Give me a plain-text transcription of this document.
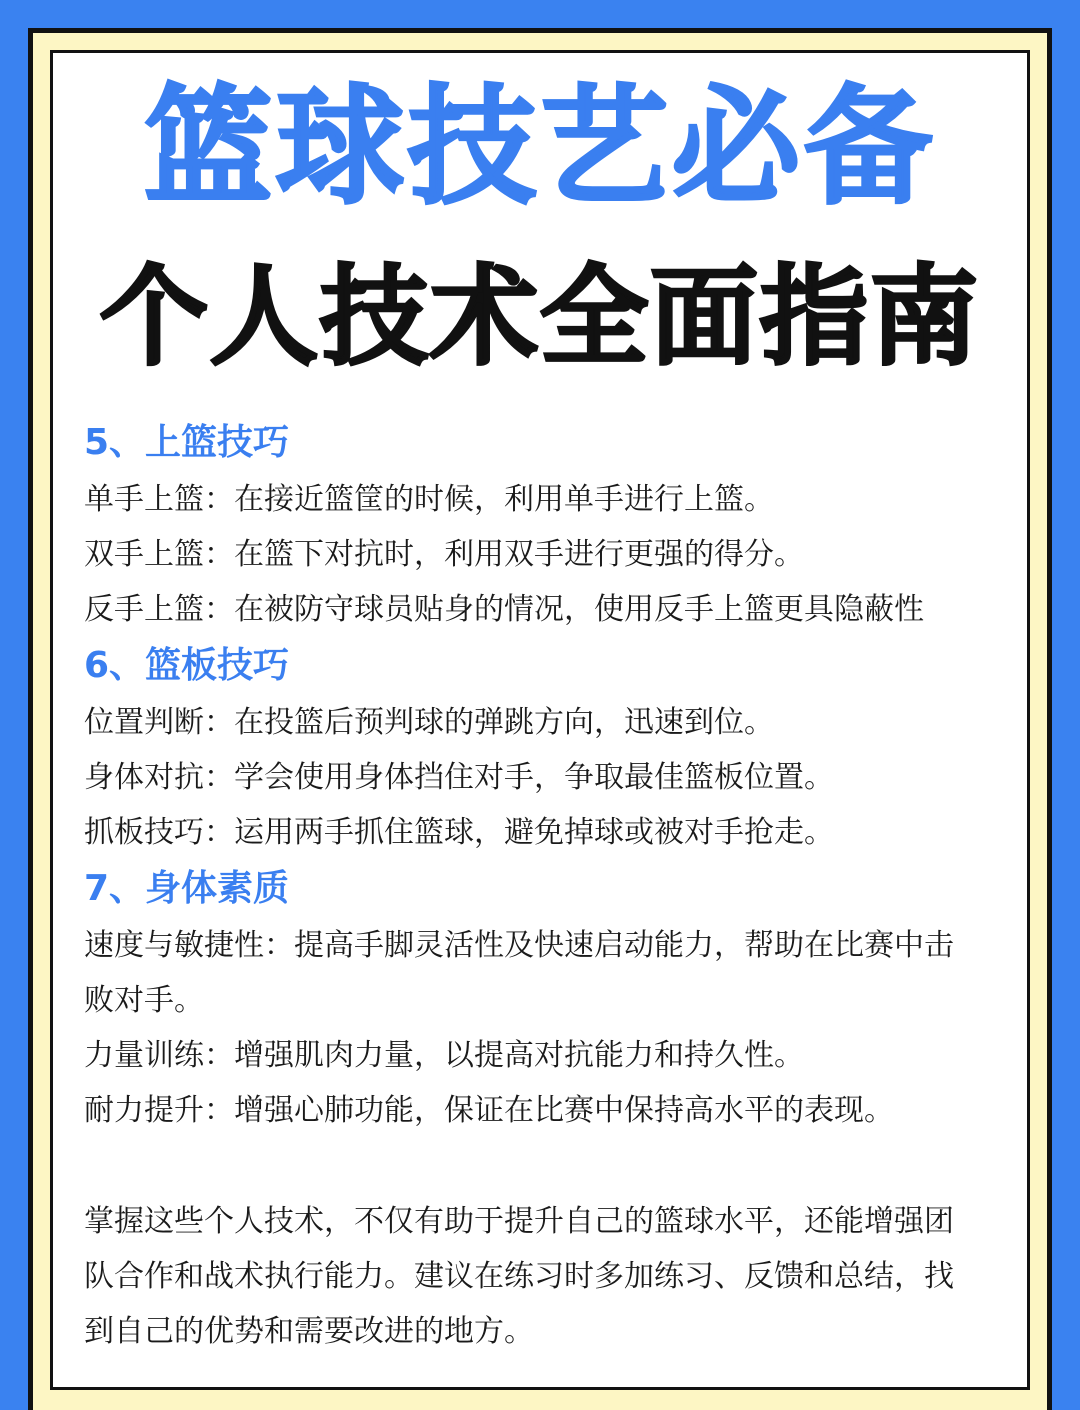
篮球技艺必备
个人技术全面指南

5、上篮技巧

单手上篮：在接近篮筐的时候，利用单手进行上篮。

双手上篮：在篮下对抗时，利用双手进行更强的得分。

反手上篮：在被防守球员贴身的情况，使用反手上篮更具隐蔽性

6、篮板技巧

位置判断：在投篮后预判球的弹跳方向，迅速到位。

身体对抗：学会使用身体挡住对手，争取最佳篮板位置。

抓板技巧：运用两手抓住篮球，避免掉球或被对手抢走。

7、身体素质

速度与敏捷性：提高手脚灵活性及快速启动能力，帮助在比赛中击

败对手。

力量训练：增强肌肉力量，以提高对抗能力和持久性。

耐力提升：增强心肺功能，保证在比赛中保持高水平的表现。

掌握这些个人技术，不仅有助于提升自己的篮球水平，还能增强团

队合作和战术执行能力。建议在练习时多加练习、反馈和总结，找

到自己的优势和需要改进的地方。
